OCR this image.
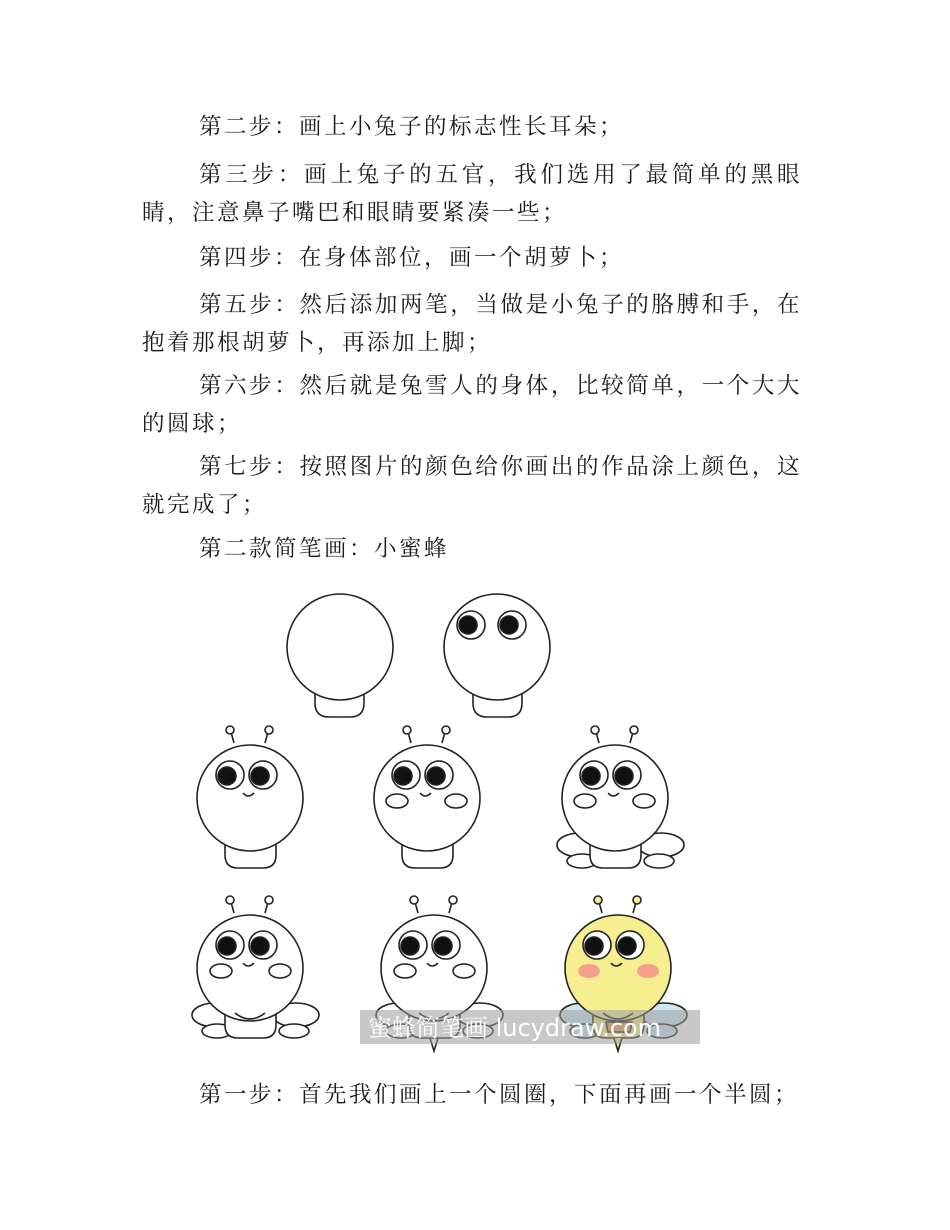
第二步：画上小兔子的标志性长耳朵；

第三步：画上兔子的五官，我们选用了最简单的黑眼睛，注意鼻子嘴巴和眼睛要紧凑一些；

第四步：在身体部位，画一个胡萝卜；

第五步：然后添加两笔，当做是小兔子的胳膊和手，在抱着那根胡萝卜，再添加上脚；

第六步：然后就是兔雪人的身体，比较简单，一个大大的圆球；

第七步：按照图片的颜色给你画出的作品涂上颜色，这就完成了；

第二款简笔画：小蜜蜂

蜜蜂简笔画 lucydraw.com

第一步：首先我们画上一个圆圈，下面再画一个半圆；
